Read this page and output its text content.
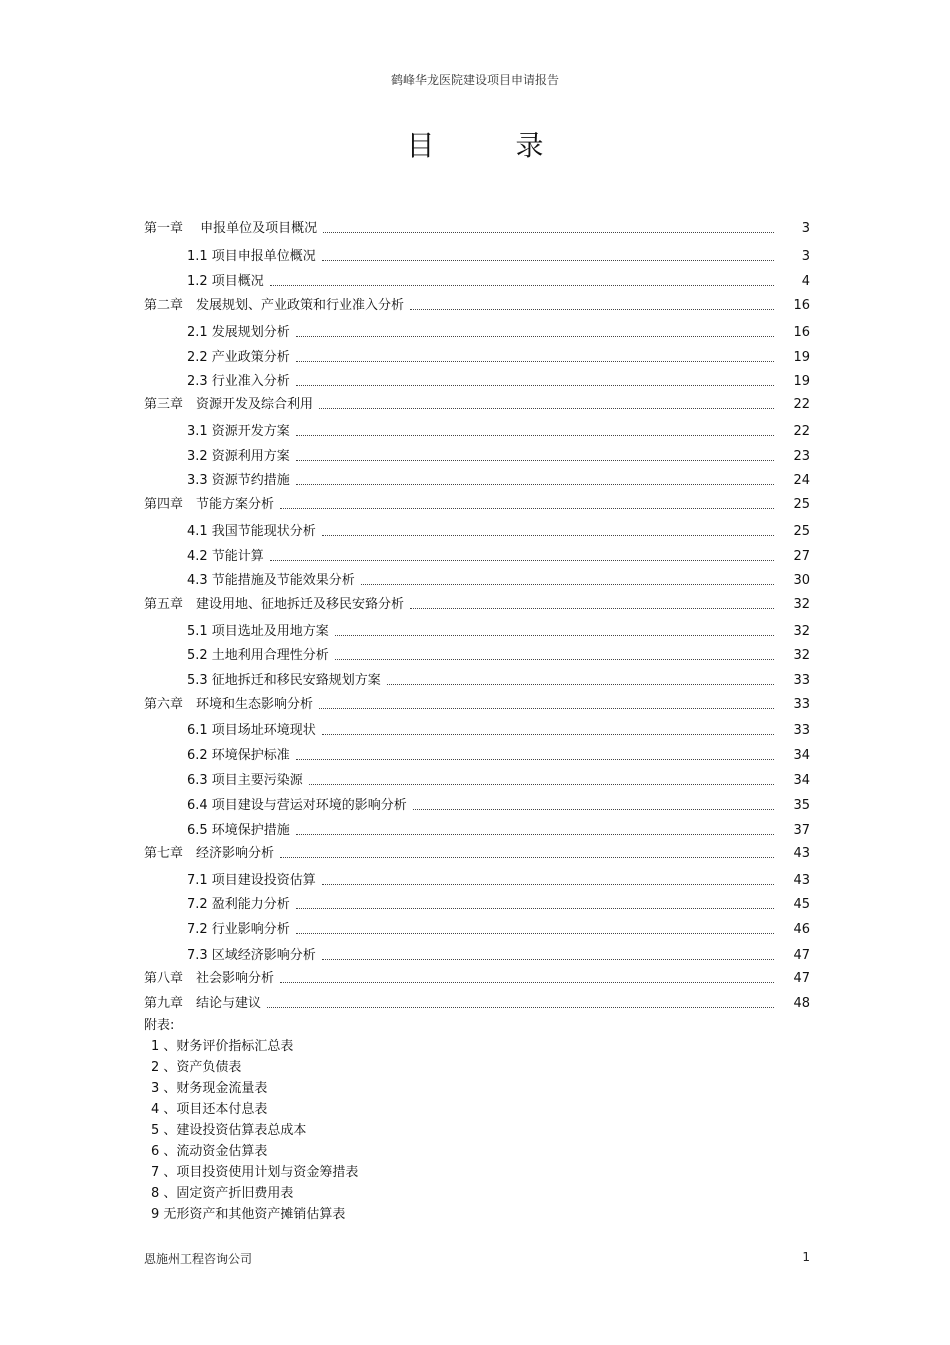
鹤峰华龙医院建设项目申请报告
目 录
第一章　 申报单位及项目概况	3
1.1 项目申报单位概况	3
1.2 项目概况	4
第二章　发展规划、产业政策和行业准入分析	16
2.1 发展规划分析	16
2.2 产业政策分析	19
2.3 行业准入分析	19
第三章　资源开发及综合利用	22
3.1 资源开发方案	22
3.2 资源利用方案	23
3.3 资源节约措施	24
第四章　节能方案分析	25
4.1 我国节能现状分析	25
4.2 节能计算	27
4.3 节能措施及节能效果分析	30
第五章　建设用地、征地拆迁及移民安臵分析	32
5.1 项目选址及用地方案	32
5.2 土地利用合理性分析	32
5.3 征地拆迁和移民安臵规划方案	33
第六章　环境和生态影响分析	33
6.1 项目场址环境现状	33
6.2 环境保护标准	34
6.3 项目主要污染源	34
6.4 项目建设与营运对环境的影响分析	35
6.5 环境保护措施	37
第七章　经济影响分析	43
7.1 项目建设投资估算	43
7.2 盈利能力分析	45
7.2 行业影响分析	46
7.3 区域经济影响分析	47
第八章　社会影响分析	47
第九章　结论与建议	48
附表:
1 、财务评价指标汇总表
2 、资产负债表
3 、财务现金流量表
4 、项目还本付息表
5 、建设投资估算表总成本
6 、流动资金估算表
7 、项目投资使用计划与资金筹措表
8 、固定资产折旧费用表
9 无形资产和其他资产摊销估算表
恩施州工程咨询公司	1
